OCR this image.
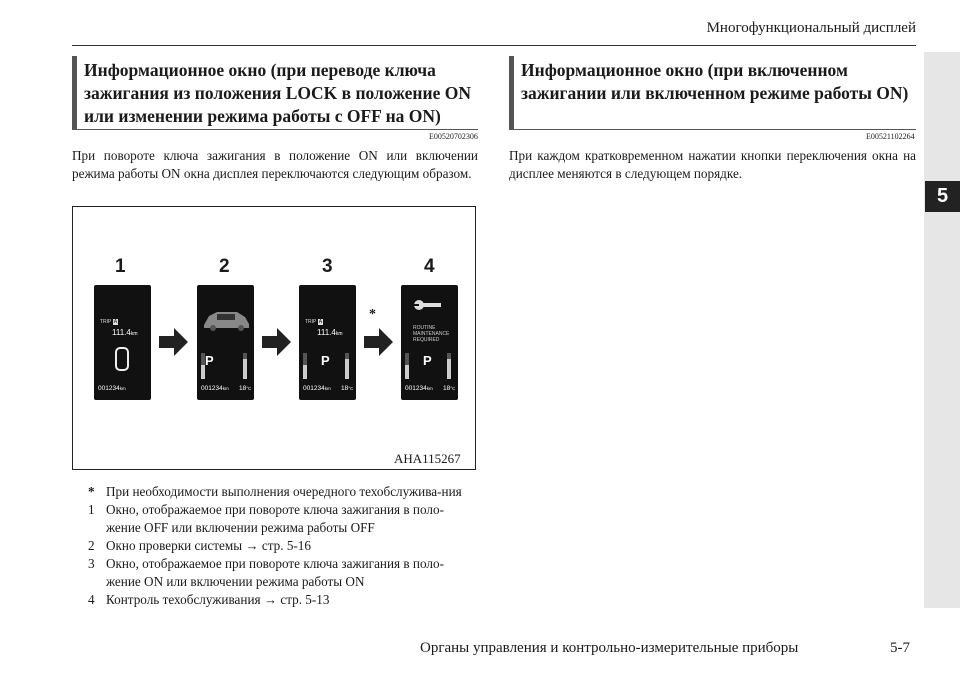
Многофункциональный дисплей
5
Информационное окно (при переводе ключа зажигания из положения LOCK в положение ON или изменении режима работы с OFF на ON)
E00520702306
При повороте ключа зажигания в положение ON или включении режима работы ON окна дисплея переключаются следующим образом.
1	2	3	4
TRIP A
111.4km
001234km
P
001234km 18°C
TRIP A
111.4km
P
001234km 18°C
*
ROUTINE
MAINTENANCE
REQUIRED
P
001234km 18°C
AHA115267
* При необходимости выполнения очередного техобслужива-ния
1 Окно, отображаемое при повороте ключа зажигания в поло-жение OFF или включении режима работы OFF
2 Окно проверки системы → стр. 5-16
3 Окно, отображаемое при повороте ключа зажигания в поло-жение ON или включении режима работы ON
4 Контроль техобслуживания → стр. 5-13
Информационное окно (при включенном зажигании или включенном режиме работы ON)
E00521102264
При каждом кратковременном нажатии кнопки переключения окна на дисплее меняются в следующем порядке.
Органы управления и контрольно-измерительные приборы	5-7
